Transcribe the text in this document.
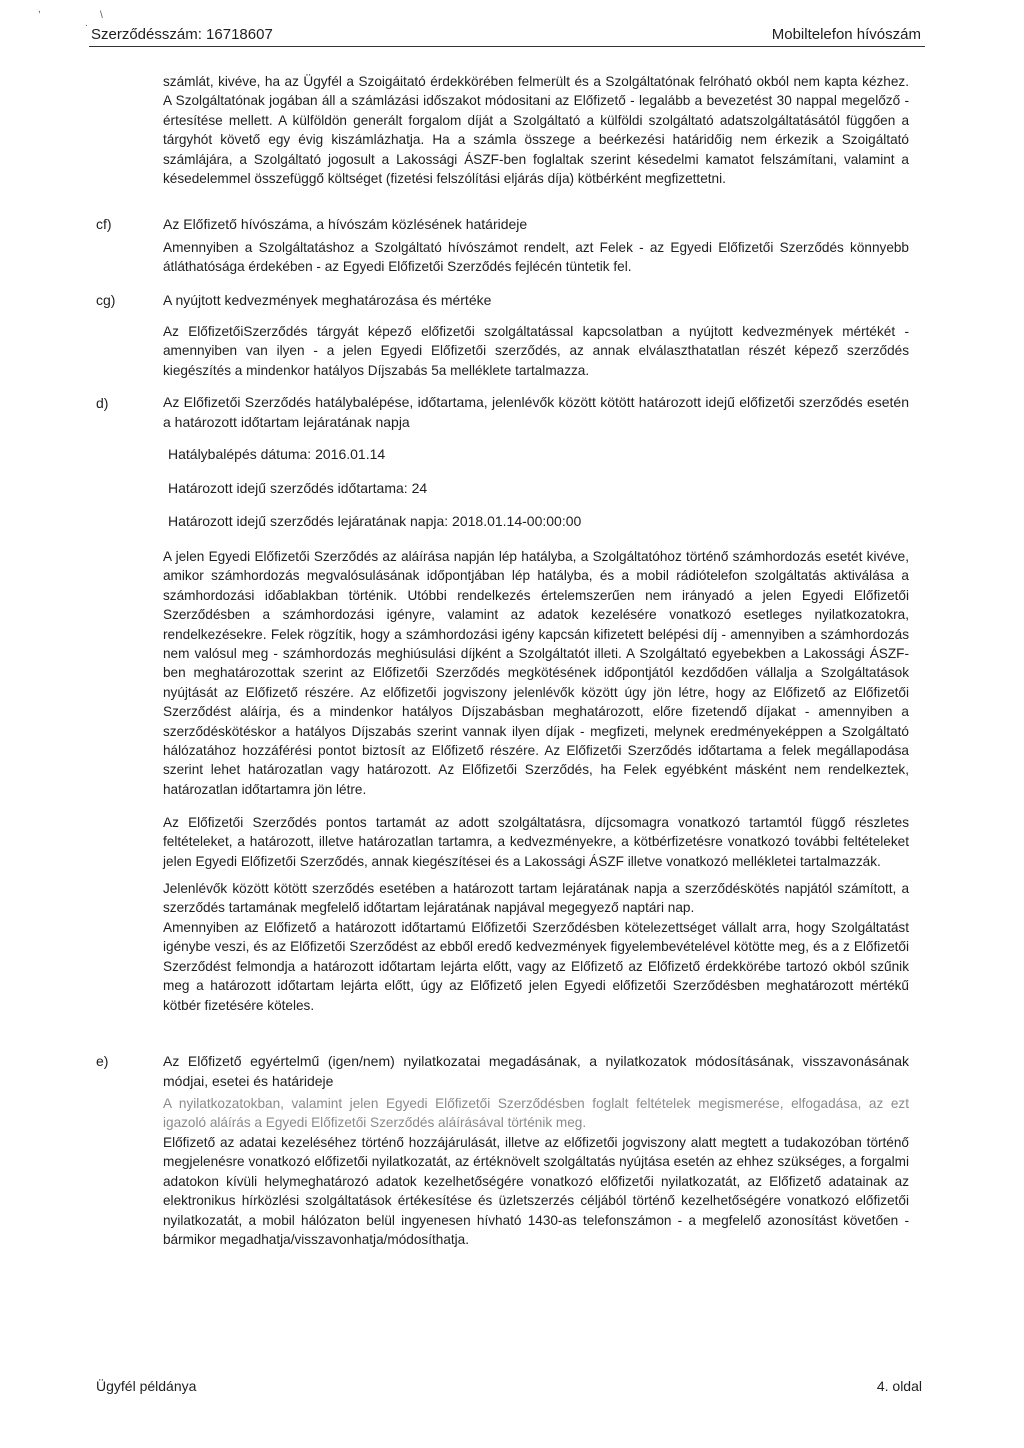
,
\
.
Szerződésszám: 16718607	Mobiltelefon hívószám

számlát, kivéve, ha az Ügyfél a Szoigáitató érdekkörében felmerült és a Szolgáltatónak felróható okból nem kapta kézhez. A Szolgáltatónak jogában áll a számlázási időszakot módositani az Előfizető - legalább a bevezetést 30 nappal megelőző - értesítése mellett. A külföldön generált forgalom díját a Szolgáltató a külföldi szolgáltató adatszolgáltatásától függően a tárgyhót követő egy évig kiszámlázhatja. Ha a számla összege a beérkezési határidőig nem érkezik a Szoigáltató számlájára, a Szolgáltató jogosult a Lakossági ÁSZF-ben foglaltak szerint késedelmi kamatot felszámítani, valamint a késedelemmel összefüggő költséget (fizetési felszólítási eljárás díja) kötbérként megfizettetni.

cf)	Az Előfizető hívószáma, a hívószám közlésének határideje

Amennyiben a Szolgáltatáshoz a Szolgáltató hívószámot rendelt, azt Felek - az Egyedi Előfizetői Szerződés könnyebb átláthatósága érdekében - az Egyedi Előfizetői Szerződés fejlécén tüntetik fel.

cg)	A nyújtott kedvezmények meghatározása és mértéke

Az ElőfizetőiSzerződés tárgyát képező előfizetői szolgáltatással kapcsolatban a nyújtott kedvezmények mértékét - amennyiben van ilyen - a jelen Egyedi Előfizetői szerződés, az annak elválaszthatatlan részét képező szerződés kiegészítés a mindenkor hatályos Díjszabás 5a melléklete tartalmazza.

d)	Az Előfizetői Szerződés hatálybalépése, időtartama, jelenlévők között kötött határozott idejű előfizetői szerződés esetén a határozott időtartam lejáratának napja
Hatálybalépés dátuma: 2016.01.14
Határozott idejű szerződés időtartama: 24
Határozott idejű szerződés lejáratának napja: 2018.01.14-00:00:00

A jelen Egyedi Előfizetői Szerződés az aláírása napján lép hatályba, a Szolgáltatóhoz történő számhordozás esetét kivéve, amikor számhordozás megvalósulásának időpontjában lép hatályba, és a mobil rádiótelefon szolgáltatás aktiválása a számhordozási időablakban történik. Utóbbi rendelkezés értelemszerűen nem irányadó a jelen Egyedi Előfizetői Szerződésben a számhordozási igényre, valamint az adatok kezelésére vonatkozó esetleges nyilatkozatokra, rendelkezésekre. Felek rögzítik, hogy a számhordozási igény kapcsán kifizetett belépési díj - amennyiben a számhordozás nem valósul meg - számhordozás meghiúsulási díjként a Szolgáltatót illeti. A Szolgáltató egyebekben a Lakossági ÁSZF-ben meghatározottak szerint az Előfizetői Szerződés megkötésének időpontjától kezdődően vállalja a Szolgáltatások nyújtását az Előfizető részére. Az előfizetői jogviszony jelenlévők között úgy jön létre, hogy az Előfizető az Előfizetői Szerződést aláírja, és a mindenkor hatályos Díjszabásban meghatározott, előre fizetendő díjakat - amennyiben a szerződéskötéskor a hatályos Díjszabás szerint vannak ilyen díjak - megfizeti, melynek eredményeképpen a Szolgáltató hálózatához hozzáférési pontot biztosít az Előfizető részére. Az Előfizetői Szerződés időtartama a felek megállapodása szerint lehet határozatlan vagy határozott. Az Előfizetői Szerződés, ha Felek egyébként másként nem rendelkeztek, határozatlan időtartamra jön létre.

Az Előfizetői Szerződés pontos tartamát az adott szolgáltatásra, díjcsomagra vonatkozó tartamtól függő részletes feltételeket, a határozott, illetve határozatlan tartamra, a kedvezményekre, a kötbérfizetésre vonatkozó további feltételeket jelen Egyedi Előfizetői Szerződés, annak kiegészítései és a Lakossági ÁSZF illetve vonatkozó mellékletei tartalmazzák.

Jelenlévők között kötött szerződés esetében a határozott tartam lejáratának napja a szerződéskötés napjától számított, a szerződés tartamának megfelelő időtartam lejáratának napjával megegyező naptári nap.

Amennyiben az Előfizető a határozott időtartamú Előfizetői Szerződésben kötelezettséget vállalt arra, hogy Szolgáltatást igénybe veszi, és az Előfizetői Szerződést az ebből eredő kedvezmények figyelembevételével kötötte meg, és a z Előfizetői Szerződést felmondja a határozott időtartam lejárta előtt, vagy az Előfizető az Előfizető érdekkörébe tartozó okból szűnik meg a határozott időtartam lejárta előtt, úgy az Előfizető jelen Egyedi előfizetői Szerződésben meghatározott mértékű kötbér fizetésére köteles.

e)	Az Előfizető egyértelmű (igen/nem) nyilatkozatai megadásának, a nyilatkozatok módosításának, visszavonásának módjai, esetei és határideje

A nyilatkozatokban, valamint jelen Egyedi Előfizetői Szerződésben foglalt feltételek megismerése, elfogadása, az ezt igazoló aláírás a Egyedi Előfizetői Szerződés aláírásával történik meg.

Előfizető az adatai kezeléséhez történő hozzájárulását, illetve az előfizetői jogviszony alatt megtett a tudakozóban történő megjelenésre vonatkozó előfizetői nyilatkozatát, az értéknövelt szolgáltatás nyújtása esetén az ehhez szükséges, a forgalmi adatokon kívüli helymeghatározó adatok kezelhetőségére vonatkozó előfizetői nyilatkozatát, az Előfizető adatainak az elektronikus hírközlési szolgáltatások értékesítése és üzletszerzés céljából történő kezelhetőségére vonatkozó előfizetői nyilatkozatát, a mobil hálózaton belül ingyenesen hívható 1430-as telefonszámon - a megfelelő azonosítást követően - bármikor megadhatja/visszavonhatja/módosíthatja.

Ügyfél példánya	4. oldal
